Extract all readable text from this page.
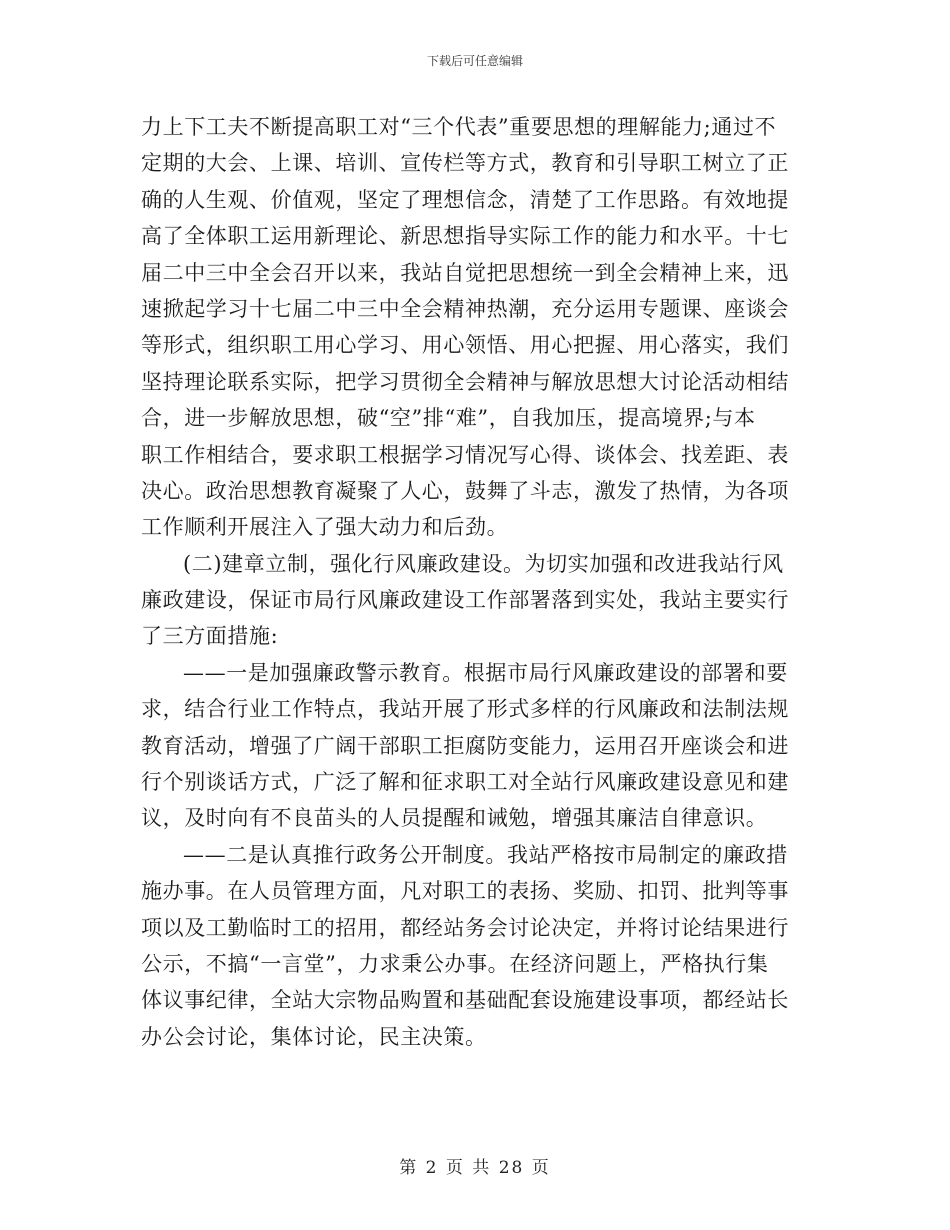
下载后可任意编辑
力上下工夫不断提高职工对“三个代表”重要思想的理解能力;通过不
定期的大会、上课、培训、宣传栏等方式，教育和引导职工树立了正
确的人生观、价值观，坚定了理想信念，清楚了工作思路。有效地提
高了全体职工运用新理论、新思想指导实际工作的能力和水平。十七
届二中三中全会召开以来，我站自觉把思想统一到全会精神上来，迅
速掀起学习十七届二中三中全会精神热潮，充分运用专题课、座谈会
等形式，组织职工用心学习、用心领悟、用心把握、用心落实，我们
坚持理论联系实际，把学习贯彻全会精神与解放思想大讨论活动相结
合，进一步解放思想，破“空”排“难”，自我加压，提高境界;与本
职工作相结合，要求职工根据学习情况写心得、谈体会、找差距、表
决心。政治思想教育凝聚了人心，鼓舞了斗志，激发了热情，为各项
工作顺利开展注入了强大动力和后劲。
(二)建章立制，强化行风廉政建设。为切实加强和改进我站行风
廉政建设，保证市局行风廉政建设工作部署落到实处，我站主要实行
了三方面措施:
——一是加强廉政警示教育。根据市局行风廉政建设的部署和要
求，结合行业工作特点，我站开展了形式多样的行风廉政和法制法规
教育活动，增强了广阔干部职工拒腐防变能力，运用召开座谈会和进
行个别谈话方式，广泛了解和征求职工对全站行风廉政建设意见和建
议，及时向有不良苗头的人员提醒和诫勉，增强其廉洁自律意识。
——二是认真推行政务公开制度。我站严格按市局制定的廉政措
施办事。在人员管理方面，凡对职工的表扬、奖励、扣罚、批判等事
项以及工勤临时工的招用，都经站务会讨论决定，并将讨论结果进行
公示，不搞“一言堂”，力求秉公办事。在经济问题上，严格执行集
体议事纪律，全站大宗物品购置和基础配套设施建设事项，都经站长
办公会讨论，集体讨论，民主决策。
第 2 页 共 28 页
